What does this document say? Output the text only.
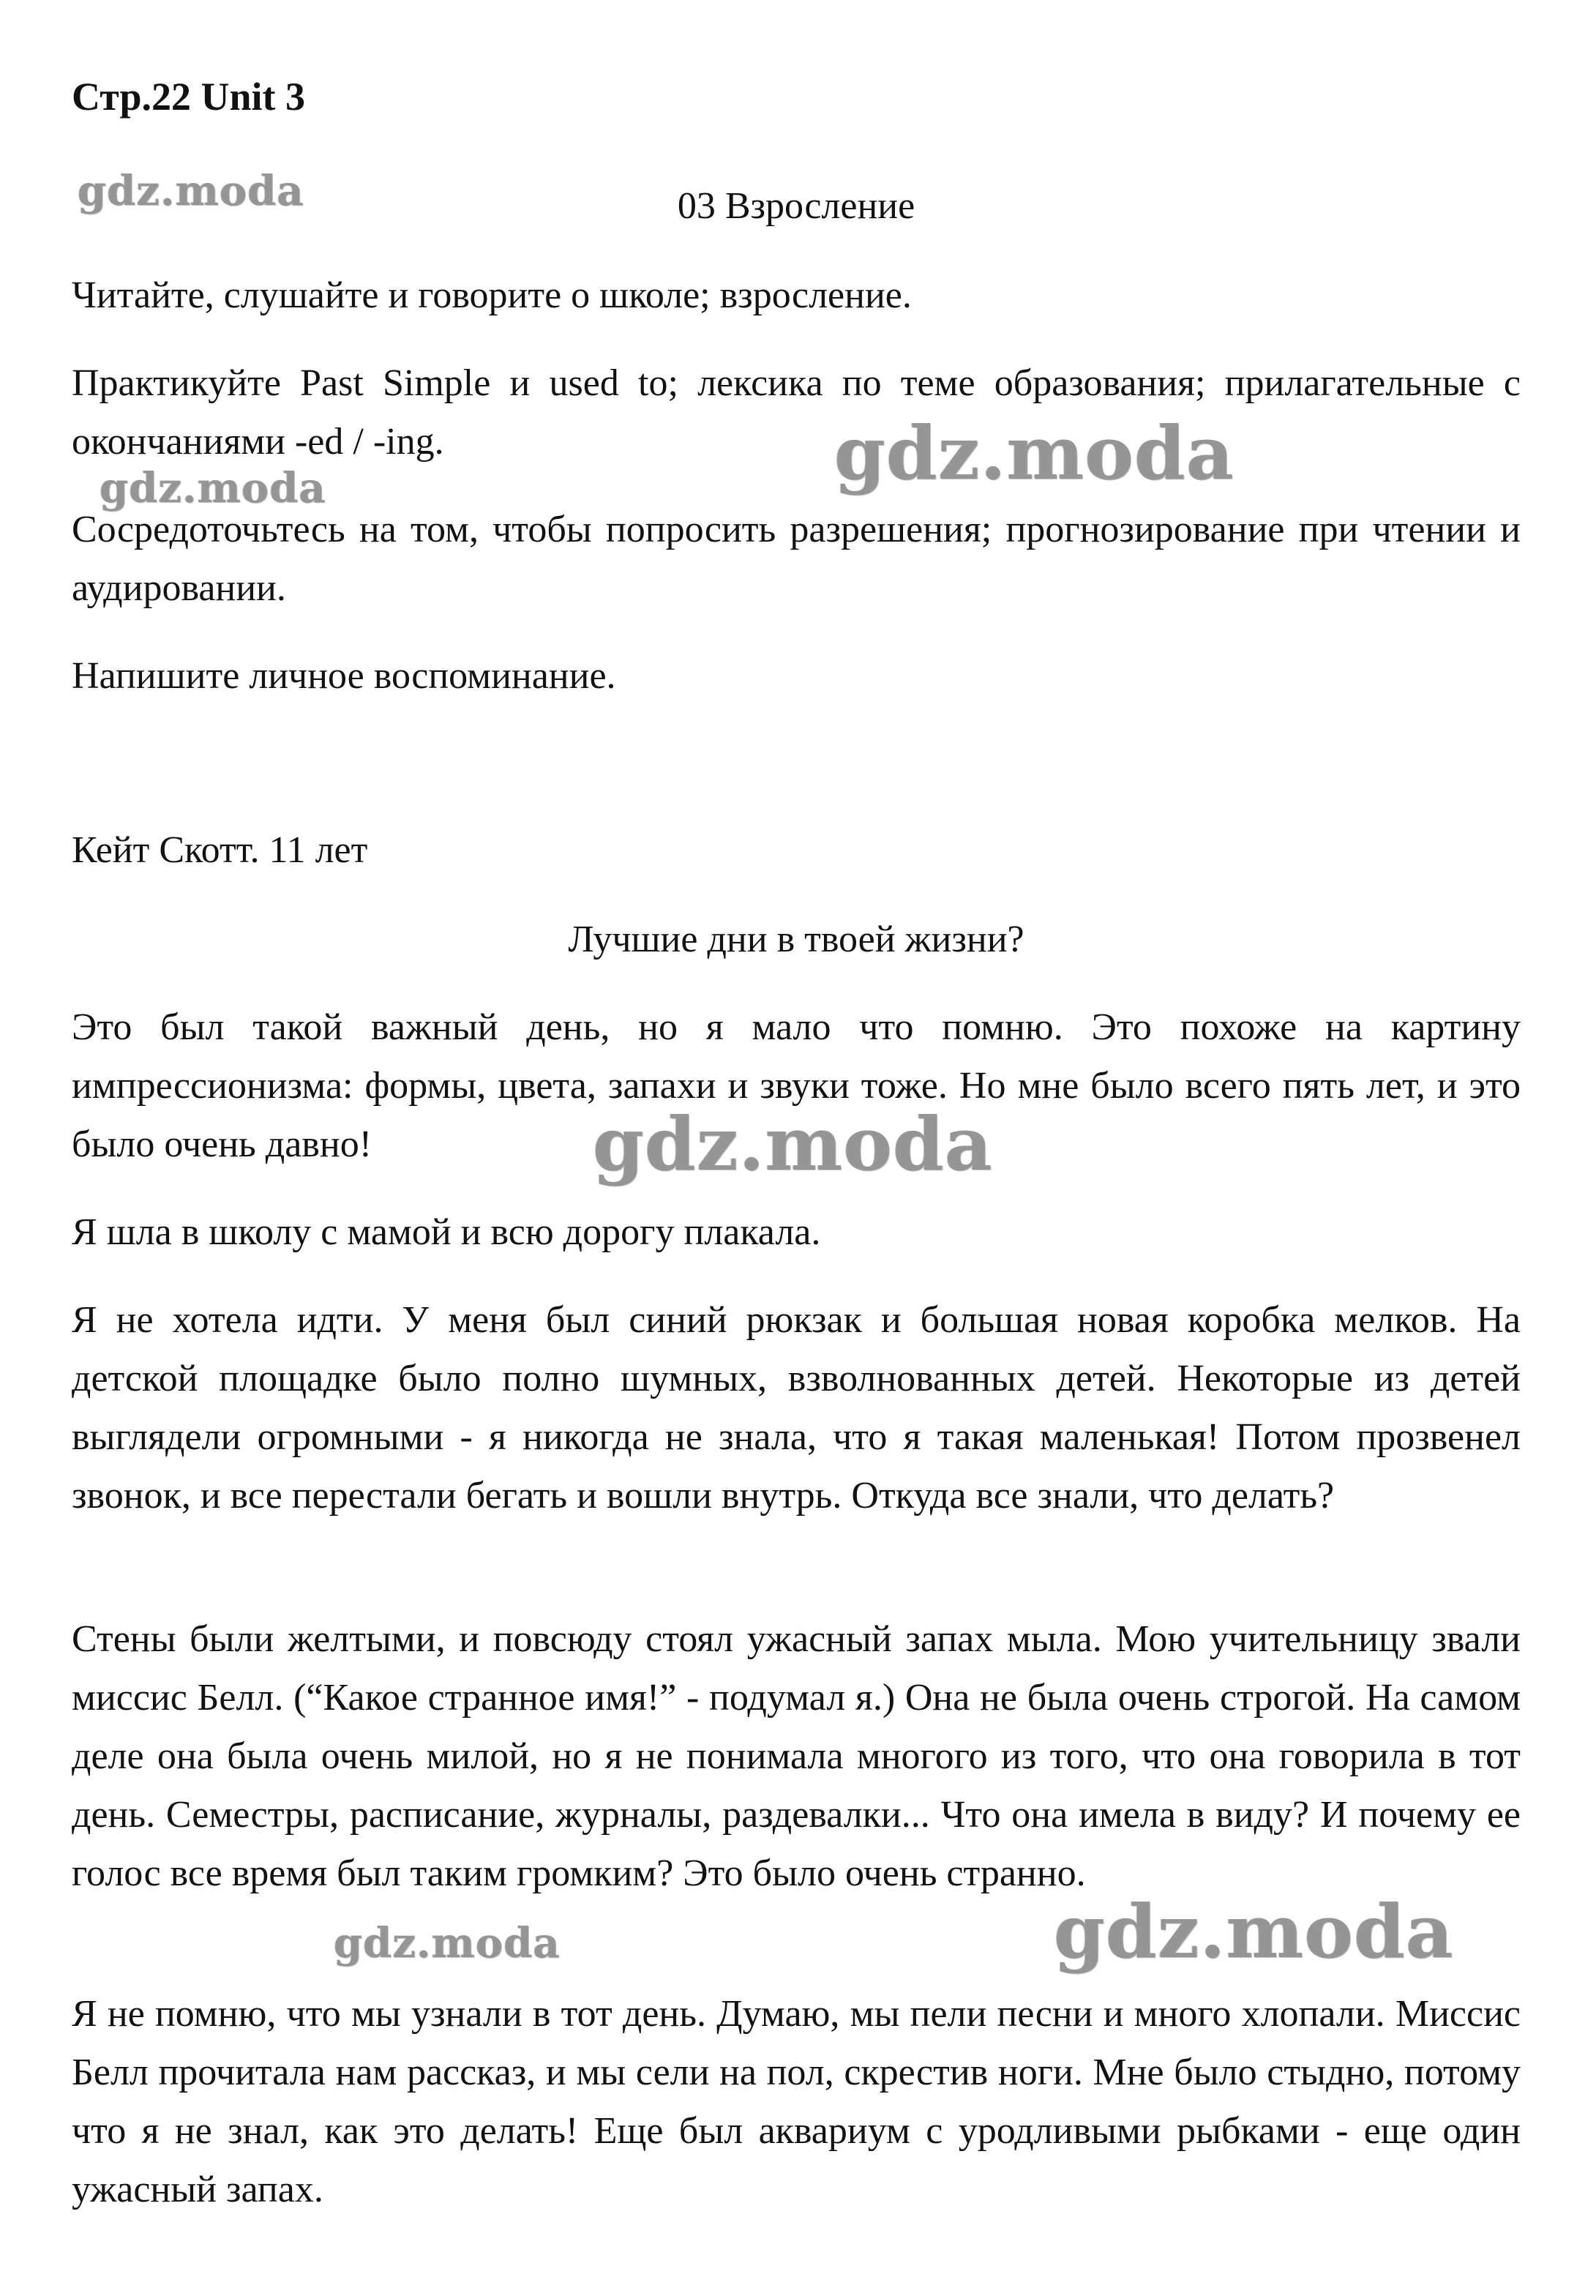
Стр.22 Unit 3
03 Взросление

Читайте, слушайте и говорите о школе; взросление.

Практикуйте Past Simple и used to; лексика по теме образования; прилагательные с окончаниями -ed / -ing.

Сосредоточьтесь на том, чтобы попросить разрешения; прогнозирование при чтении и аудировании.

Напишите личное воспоминание.

Кейт Скотт. 11 лет
Лучшие дни в твоей жизни?

Это был такой важный день, но я мало что помню. Это похоже на картину импрессионизма: формы, цвета, запахи и звуки тоже. Но мне было всего пять лет, и это было очень давно!

Я шла в школу с мамой и всю дорогу плакала.

Я не хотела идти. У меня был синий рюкзак и большая новая коробка мелков. На детской площадке было полно шумных, взволнованных детей. Некоторые из детей выглядели огромными - я никогда не знала, что я такая маленькая! Потом прозвенел звонок, и все перестали бегать и вошли внутрь. Откуда все знали, что делать?

Стены были желтыми, и повсюду стоял ужасный запах мыла. Мою учительницу звали миссис Белл. (“Какое странное имя!” - подумал я.) Она не была очень строгой. На самом деле она была очень милой, но я не понимала многого из того, что она говорила в тот день. Семестры, расписание, журналы, раздевалки... Что она имела в виду? И почему ее голос все время был таким громким? Это было очень странно.

Я не помню, что мы узнали в тот день. Думаю, мы пели песни и много хлопали. Миссис Белл прочитала нам рассказ, и мы сели на пол, скрестив ноги. Мне было стыдно, потому что я не знал, как это делать! Еще был аквариум с уродливыми рыбками - еще один ужасный запах.

gdz.moda
gdz.moda
gdz.moda
gdz.moda
gdz.moda
gdz.moda
